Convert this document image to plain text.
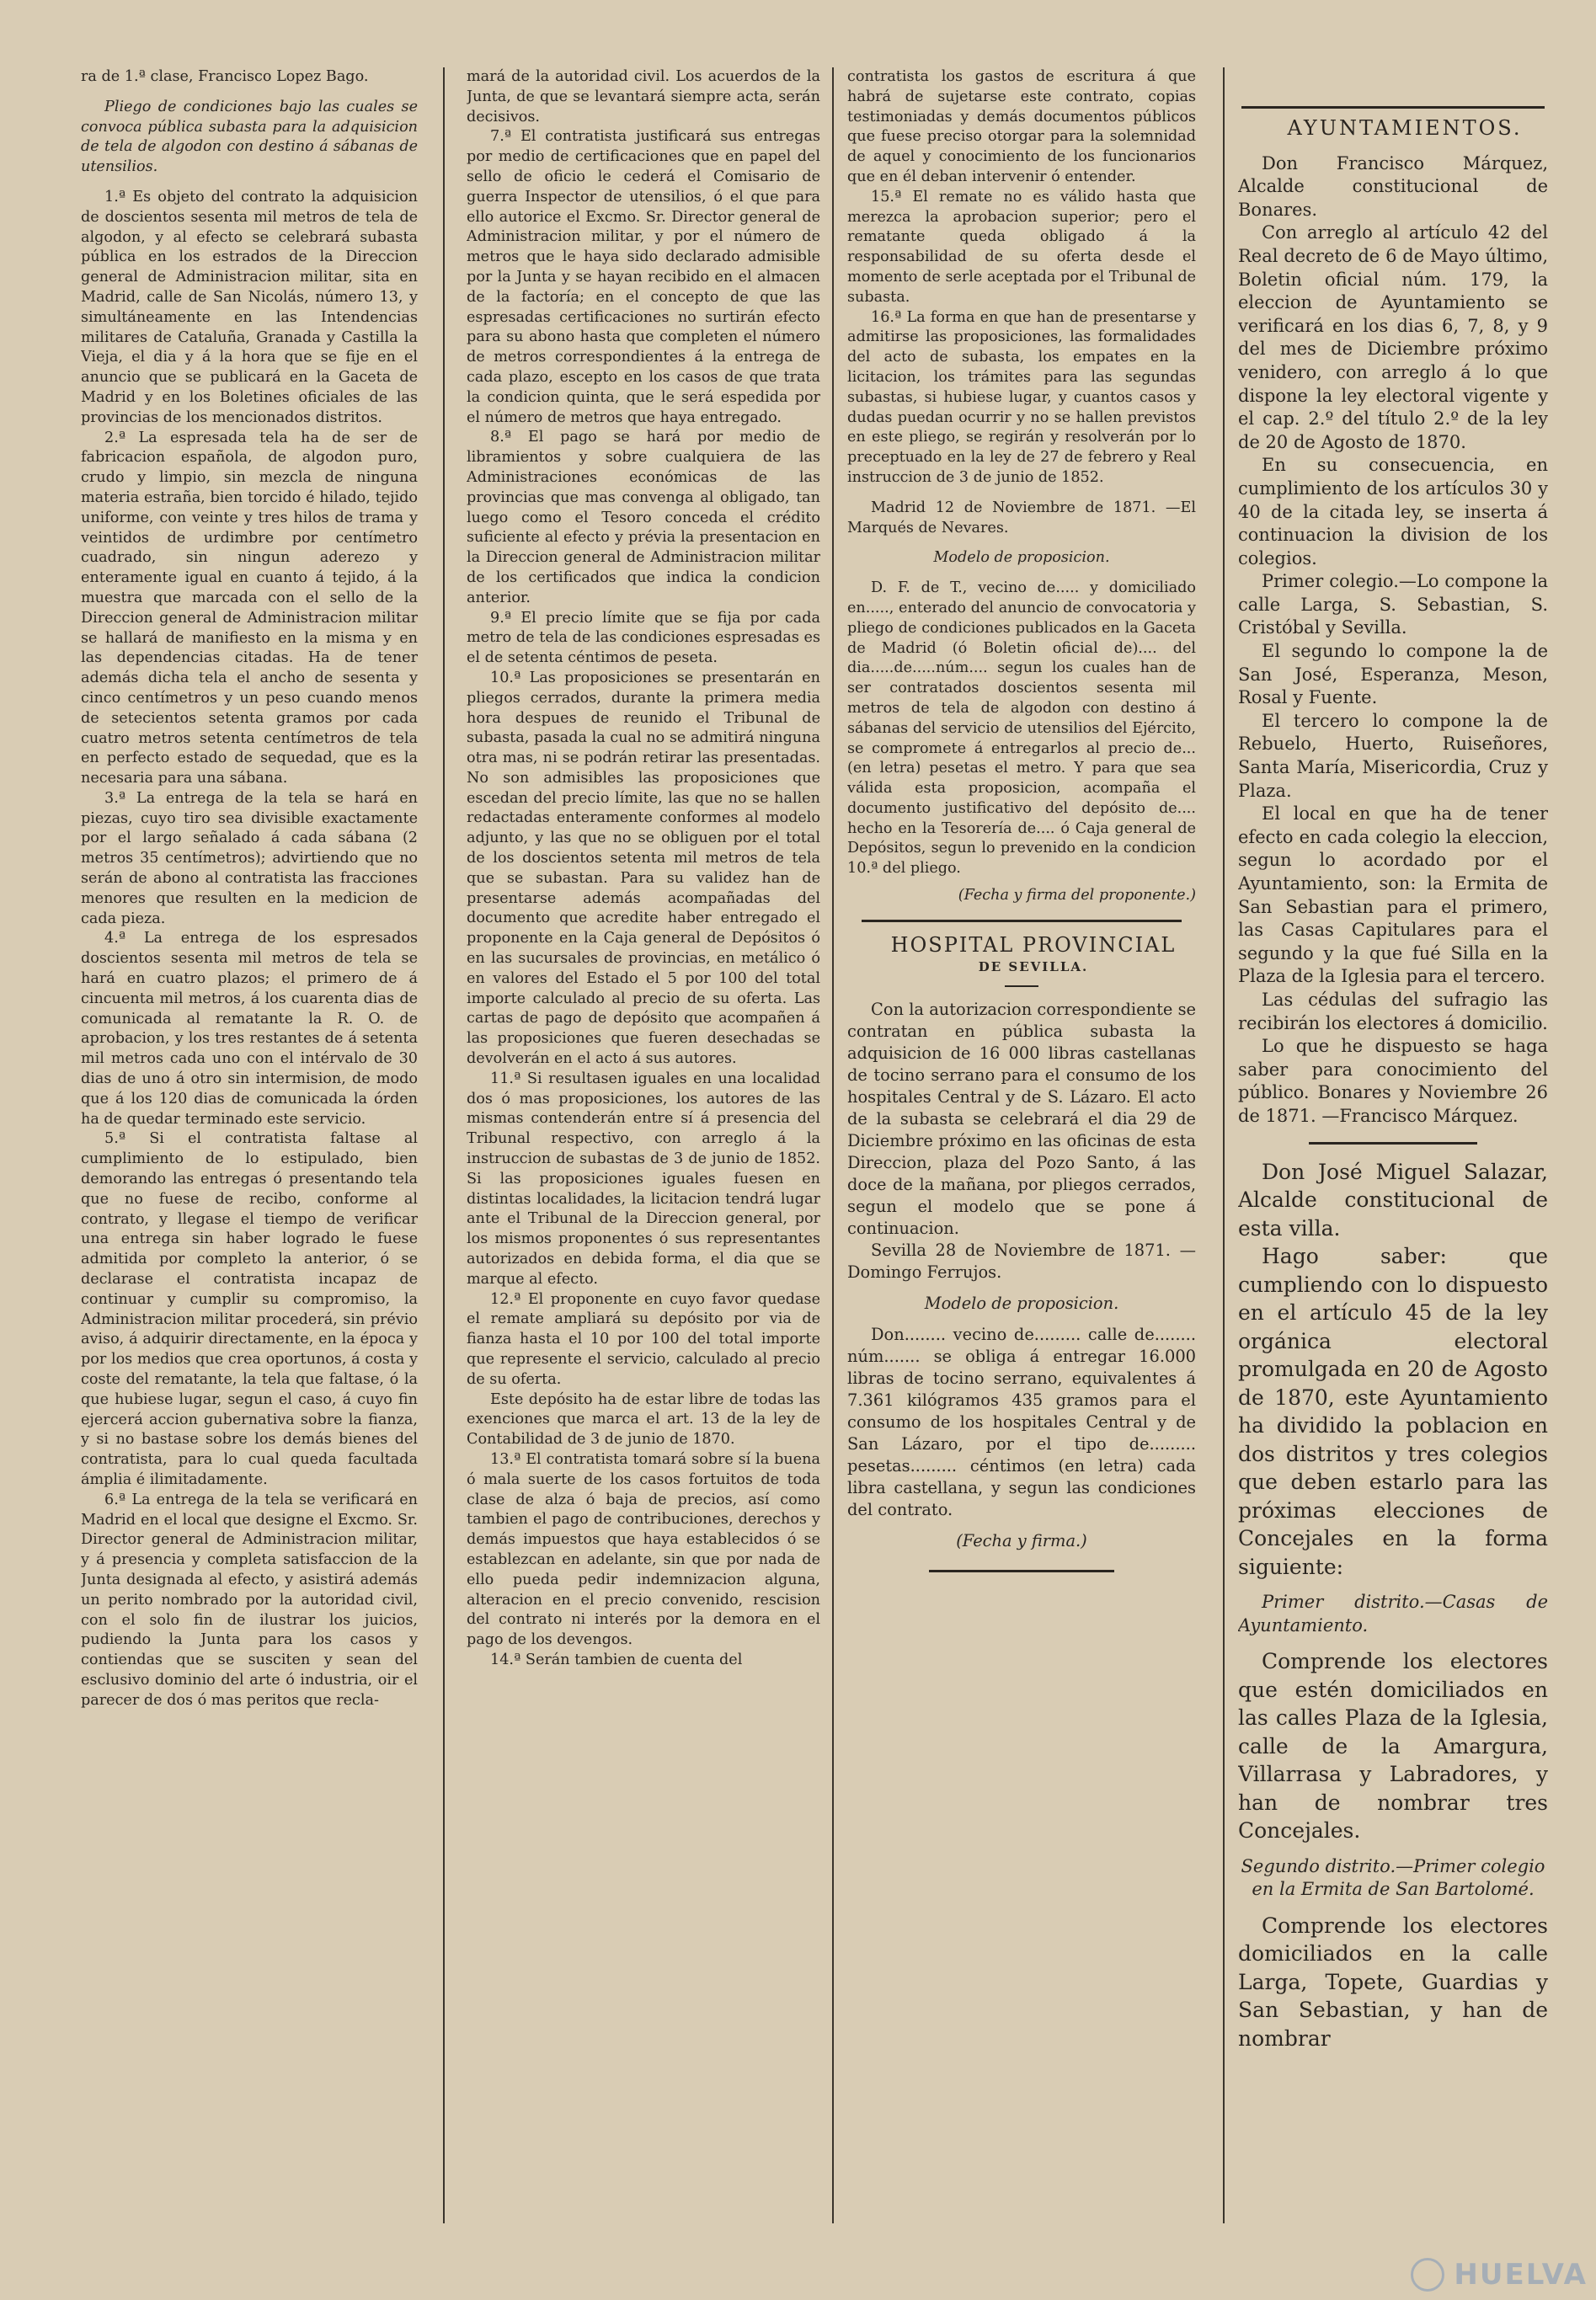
ra de 1.ª clase, Francisco Lopez Bago.

Pliego de condiciones bajo las cuales se convoca pública subasta para la adquisicion de tela de algodon con destino á sábanas de utensilios.

1.ª Es objeto del contrato la adquisicion de doscientos sesenta mil metros de tela de algodon, y al efecto se celebrará subasta pública en los estrados de la Direccion general de Administracion militar, sita en Madrid, calle de San Nicolás, número 13, y simultáneamente en las Intendencias militares de Cataluña, Granada y Castilla la Vieja, el dia y á la hora que se fije en el anuncio que se publicará en la Gaceta de Madrid y en los Boletines oficiales de las provincias de los mencionados distritos.

2.ª La espresada tela ha de ser de fabricacion española, de algodon puro, crudo y limpio, sin mezcla de ninguna materia estraña, bien torcido é hilado, tejido uniforme, con veinte y tres hilos de trama y veintidos de urdimbre por centímetro cuadrado, sin ningun aderezo y enteramente igual en cuanto á tejido, á la muestra que marcada con el sello de la Direccion general de Administracion militar se hallará de manifiesto en la misma y en las dependencias citadas. Ha de tener además dicha tela el ancho de sesenta y cinco centímetros y un peso cuando menos de setecientos setenta gramos por cada cuatro metros setenta centímetros de tela en perfecto estado de sequedad, que es la necesaria para una sábana.

3.ª La entrega de la tela se hará en piezas, cuyo tiro sea divisible exactamente por el largo señalado á cada sábana (2 metros 35 centímetros); advirtiendo que no serán de abono al contratista las fracciones menores que resulten en la medicion de cada pieza.

4.ª La entrega de los espresados doscientos sesenta mil metros de tela se hará en cuatro plazos; el primero de á cincuenta mil metros, á los cuarenta dias de comunicada al rematante la R. O. de aprobacion, y los tres restantes de á setenta mil metros cada uno con el intérvalo de 30 dias de uno á otro sin intermision, de modo que á los 120 dias de comunicada la órden ha de quedar terminado este servicio.

5.ª Si el contratista faltase al cumplimiento de lo estipulado, bien demorando las entregas ó presentando tela que no fuese de recibo, conforme al contrato, y llegase el tiempo de verificar una entrega sin haber logrado le fuese admitida por completo la anterior, ó se declarase el contratista incapaz de continuar y cumplir su compromiso, la Administracion militar procederá, sin prévio aviso, á adquirir directamente, en la época y por los medios que crea oportunos, á costa y coste del rematante, la tela que faltase, ó la que hubiese lugar, segun el caso, á cuyo fin ejercerá accion gubernativa sobre la fianza, y si no bastase sobre los demás bienes del contratista, para lo cual queda facultada ámplia é ilimitadamente.

6.ª La entrega de la tela se verificará en Madrid en el local que designe el Excmo. Sr. Director general de Administracion militar, y á presencia y completa satisfaccion de la Junta designada al efecto, y asistirá además un perito nombrado por la autoridad civil, con el solo fin de ilustrar los juicios, pudiendo la Junta para los casos y contiendas que se susciten y sean del esclusivo dominio del arte ó industria, oir el parecer de dos ó mas peritos que recla-

mará de la autoridad civil. Los acuerdos de la Junta, de que se levantará siempre acta, serán decisivos.

7.ª El contratista justificará sus entregas por medio de certificaciones que en papel del sello de oficio le cederá el Comisario de guerra Inspector de utensilios, ó el que para ello autorice el Excmo. Sr. Director general de Administracion militar, y por el número de metros que le haya sido declarado admisible por la Junta y se hayan recibido en el almacen de la factoría; en el concepto de que las espresadas certificaciones no surtirán efecto para su abono hasta que completen el número de metros correspondientes á la entrega de cada plazo, escepto en los casos de que trata la condicion quinta, que le será espedida por el número de metros que haya entregado.

8.ª El pago se hará por medio de libramientos y sobre cualquiera de las Administraciones económicas de las provincias que mas convenga al obligado, tan luego como el Tesoro conceda el crédito suficiente al efecto y prévia la presentacion en la Direccion general de Administracion militar de los certificados que indica la condicion anterior.

9.ª El precio límite que se fija por cada metro de tela de las condiciones espresadas es el de setenta céntimos de peseta.

10.ª Las proposiciones se presentarán en pliegos cerrados, durante la primera media hora despues de reunido el Tribunal de subasta, pasada la cual no se admitirá ninguna otra mas, ni se podrán retirar las presentadas. No son admisibles las proposiciones que escedan del precio límite, las que no se hallen redactadas enteramente conformes al modelo adjunto, y las que no se obliguen por el total de los doscientos setenta mil metros de tela que se subastan. Para su validez han de presentarse además acompañadas del documento que acredite haber entregado el proponente en la Caja general de Depósitos ó en las sucursales de provincias, en metálico ó en valores del Estado el 5 por 100 del total importe calculado al precio de su oferta. Las cartas de pago de depósito que acompañen á las proposiciones que fueren desechadas se devolverán en el acto á sus autores.

11.ª Si resultasen iguales en una localidad dos ó mas proposiciones, los autores de las mismas contenderán entre sí á presencia del Tribunal respectivo, con arreglo á la instruccion de subastas de 3 de junio de 1852. Si las proposiciones iguales fuesen en distintas localidades, la licitacion tendrá lugar ante el Tribunal de la Direccion general, por los mismos proponentes ó sus representantes autorizados en debida forma, el dia que se marque al efecto.

12.ª El proponente en cuyo favor quedase el remate ampliará su depósito por via de fianza hasta el 10 por 100 del total importe que represente el servicio, calculado al precio de su oferta.

Este depósito ha de estar libre de todas las exenciones que marca el art. 13 de la ley de Contabilidad de 3 de junio de 1870.

13.ª El contratista tomará sobre sí la buena ó mala suerte de los casos fortuitos de toda clase de alza ó baja de precios, así como tambien el pago de contribuciones, derechos y demás impuestos que haya establecidos ó se establezcan en adelante, sin que por nada de ello pueda pedir indemnizacion alguna, alteracion en el precio convenido, rescision del contrato ni interés por la demora en el pago de los devengos.

14.ª Serán tambien de cuenta del

contratista los gastos de escritura á que habrá de sujetarse este contrato, copias testimoniadas y demás documentos públicos que fuese preciso otorgar para la solemnidad de aquel y conocimiento de los funcionarios que en él deban intervenir ó entender.

15.ª El remate no es válido hasta que merezca la aprobacion superior; pero el rematante queda obligado á la responsabilidad de su oferta desde el momento de serle aceptada por el Tribunal de subasta.

16.ª La forma en que han de presentarse y admitirse las proposiciones, las formalidades del acto de subasta, los empates en la licitacion, los trámites para las segundas subastas, si hubiese lugar, y cuantos casos y dudas puedan ocurrir y no se hallen previstos en este pliego, se regirán y resolverán por lo preceptuado en la ley de 27 de febrero y Real instruccion de 3 de junio de 1852.

Madrid 12 de Noviembre de 1871. —El Marqués de Nevares.

Modelo de proposicion.

D. F. de T., vecino de..... y domiciliado en....., enterado del anuncio de convocatoria y pliego de condiciones publicados en la Gaceta de Madrid (ó Boletin oficial de).... del dia.....de.....núm.... segun los cuales han de ser contratados doscientos sesenta mil metros de tela de algodon con destino á sábanas del servicio de utensilios del Ejército, se compromete á entregarlos al precio de... (en letra) pesetas el metro. Y para que sea válida esta proposicion, acompaña el documento justificativo del depósito de.... hecho en la Tesorería de.... ó Caja general de Depósitos, segun lo prevenido en la condicion 10.ª del pliego.

(Fecha y firma del proponente.)

HOSPITAL PROVINCIAL

DE SEVILLA.

Con la autorizacion correspondiente se contratan en pública subasta la adquisicion de 16 000 libras castellanas de tocino serrano para el consumo de los hospitales Central y de S. Lázaro. El acto de la subasta se celebrará el dia 29 de Diciembre próximo en las oficinas de esta Direccion, plaza del Pozo Santo, á las doce de la mañana, por pliegos cerrados, segun el modelo que se pone á continuacion.

Sevilla 28 de Noviembre de 1871. —Domingo Ferrujos.

Modelo de proposicion.

Don........ vecino de......... calle de........ núm....... se obliga á entregar 16.000 libras de tocino serrano, equivalentes á 7.361 kilógramos 435 gramos para el consumo de los hospitales Central y de San Lázaro, por el tipo de......... pesetas......... céntimos (en letra) cada libra castellana, y segun las condiciones del contrato.

(Fecha y firma.)

AYUNTAMIENTOS.

Don Francisco Márquez, Alcalde constitucional de Bonares.

Con arreglo al artículo 42 del Real decreto de 6 de Mayo último, Boletin oficial núm. 179, la eleccion de Ayuntamiento se verificará en los dias 6, 7, 8, y 9 del mes de Diciembre próximo venidero, con arreglo á lo que dispone la ley electoral vigente y el cap. 2.º del título 2.º de la ley de 20 de Agosto de 1870.

En su consecuencia, en cumplimiento de los artículos 30 y 40 de la citada ley, se inserta á continuacion la division de los colegios.

Primer colegio.—Lo compone la calle Larga, S. Sebastian, S. Cristóbal y Sevilla.

El segundo lo compone la de San José, Esperanza, Meson, Rosal y Fuente.

El tercero lo compone la de Rebuelo, Huerto, Ruiseñores, Santa María, Misericordia, Cruz y Plaza.

El local en que ha de tener efecto en cada colegio la eleccion, segun lo acordado por el Ayuntamiento, son: la Ermita de San Sebastian para el primero, las Casas Capitulares para el segundo y la que fué Silla en la Plaza de la Iglesia para el tercero.

Las cédulas del sufragio las recibirán los electores á domicilio.

Lo que he dispuesto se haga saber para conocimiento del público. Bonares y Noviembre 26 de 1871. —Francisco Márquez.

Don José Miguel Salazar, Alcalde constitucional de esta villa.

Hago saber: que cumpliendo con lo dispuesto en el artículo 45 de la ley orgánica electoral promulgada en 20 de Agosto de 1870, este Ayuntamiento ha dividido la poblacion en dos distritos y tres colegios que deben estarlo para las próximas elecciones de Concejales en la forma siguiente:

Primer distrito.—Casas de Ayuntamiento.

Comprende los electores que estén domiciliados en las calles Plaza de la Iglesia, calle de la Amargura, Villarrasa y Labradores, y han de nombrar tres Concejales.

Segundo distrito.—Primer colegio en la Ermita de San Bartolomé.

Comprende los electores domiciliados en la calle Larga, Topete, Guardias y San Sebastian, y han de nombrar

HUELVA
